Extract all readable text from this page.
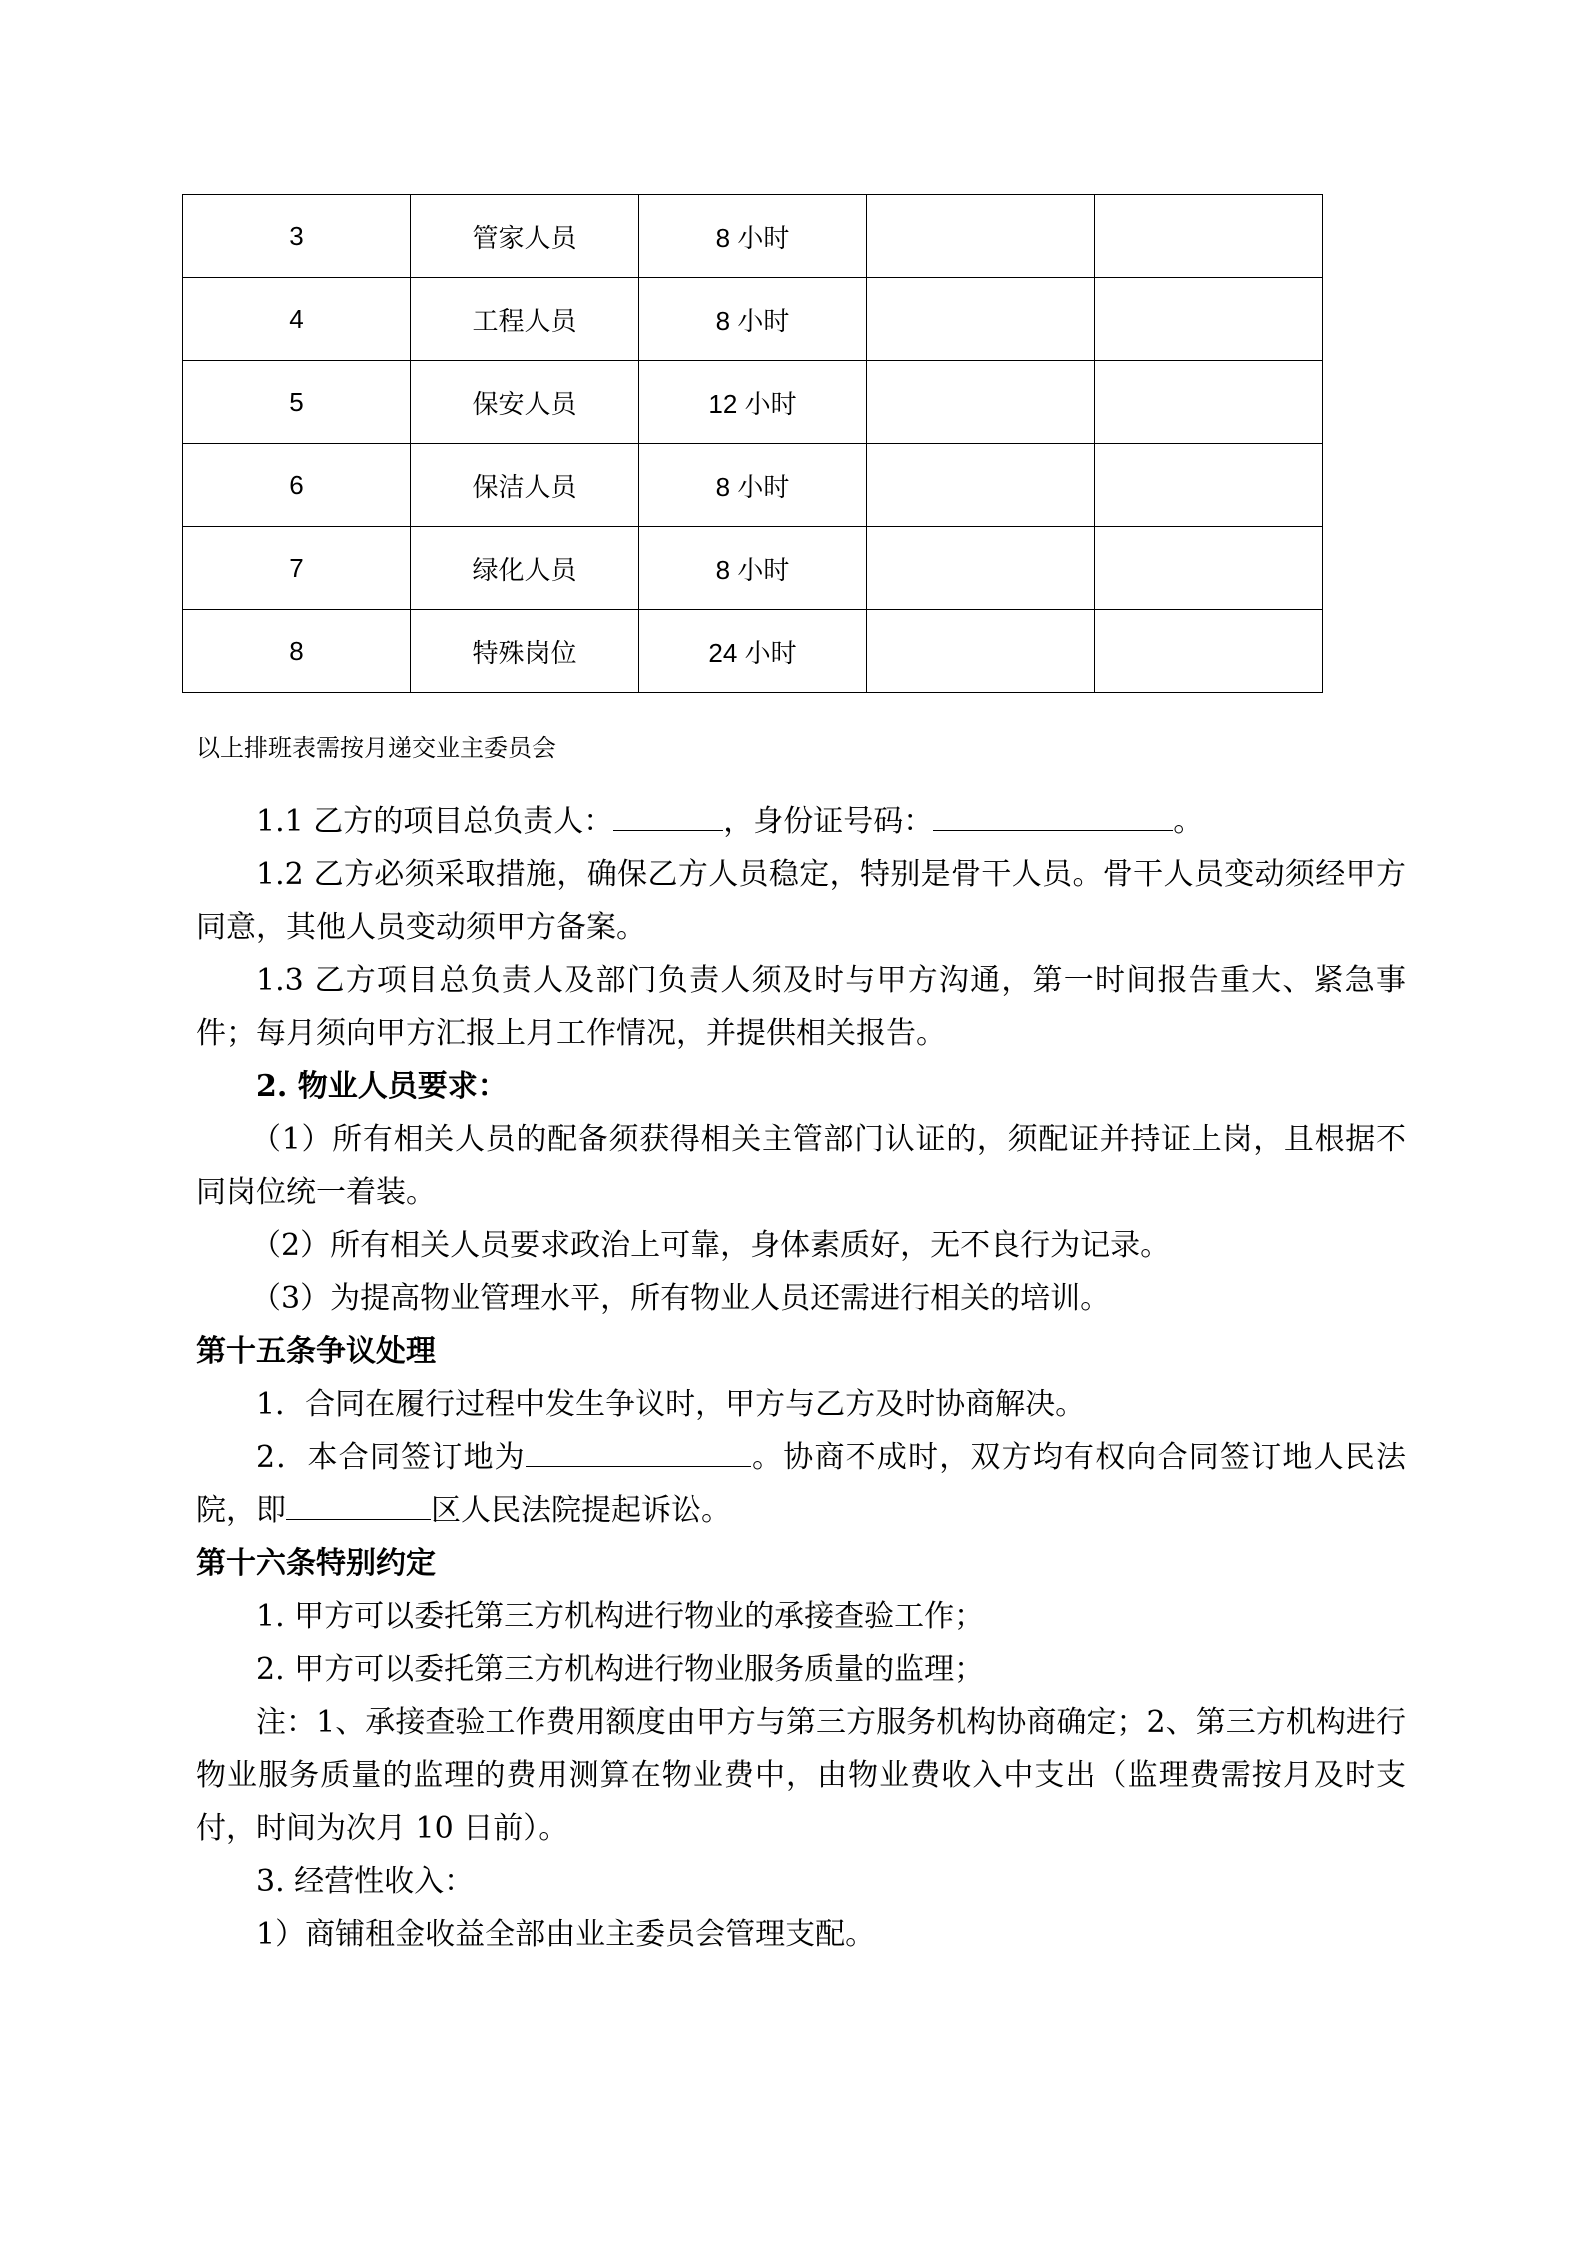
3	管家人员	8 小时		
4	工程人员	8 小时		
5	保安人员	12 小时		
6	保洁人员	8 小时		
7	绿化人员	8 小时		
8	特殊岗位	24 小时		
以上排班表需按月递交业主委员会

1.1 乙方的项目总负责人：	，身份证号码：	。

1.2 乙方必须采取措施，确保乙方人员稳定，特别是骨干人员。骨干人员变动须经甲方同意，其他人员变动须甲方备案。

1.3 乙方项目总负责人及部门负责人须及时与甲方沟通，第一时间报告重大、紧急事件；每月须向甲方汇报上月工作情况，并提供相关报告。

2. 物业人员要求：

（1）所有相关人员的配备须获得相关主管部门认证的，须配证并持证上岗，且根据不同岗位统一着装。

（2）所有相关人员要求政治上可靠，身体素质好，无不良行为记录。

（3）为提高物业管理水平，所有物业人员还需进行相关的培训。

第十五条争议处理

1．合同在履行过程中发生争议时，甲方与乙方及时协商解决。

2．本合同签订地为	。协商不成时，双方均有权向合同签订地人民法院，即	区人民法院提起诉讼。

第十六条特别约定

1. 甲方可以委托第三方机构进行物业的承接查验工作；

2. 甲方可以委托第三方机构进行物业服务质量的监理；

注：1、承接查验工作费用额度由甲方与第三方服务机构协商确定；2、第三方机构进行物业服务质量的监理的费用测算在物业费中，由物业费收入中支出（监理费需按月及时支付，时间为次月 10 日前）。

3. 经营性收入：

1）商铺租金收益全部由业主委员会管理支配。
